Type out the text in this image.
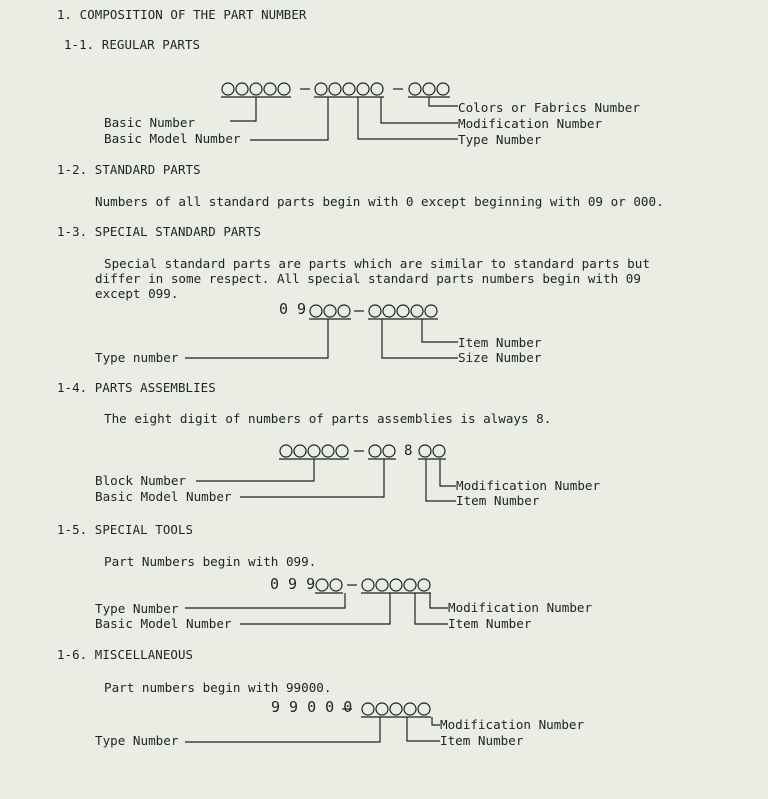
1. COMPOSITION OF THE PART NUMBER
1-1. REGULAR PARTS
1-2. STANDARD PARTS
1-3. SPECIAL STANDARD PARTS
1-4. PARTS ASSEMBLIES
1-5. SPECIAL TOOLS
1-6. MISCELLANEOUS
Basic Number
Basic Model Number
Colors or Fabrics Number
Modification Number
Type Number
Numbers of all standard parts begin with 0 except beginning with 09 or 000.
Special standard parts are parts which are similar to standard parts but
differ in some respect. All special standard parts numbers begin with 09
except 099.
0 9
Type number
Item Number
Size Number
The eight digit of numbers of parts assemblies is always 8.
8
Block Number
Basic Model Number
Modification Number
Item Number
Part Numbers begin with 099.
0 9 9
Type Number
Basic Model Number
Modification Number
Item Number
Part numbers begin with 99000.
9 9 0 0 0
Type Number
Modification Number
Item Number
